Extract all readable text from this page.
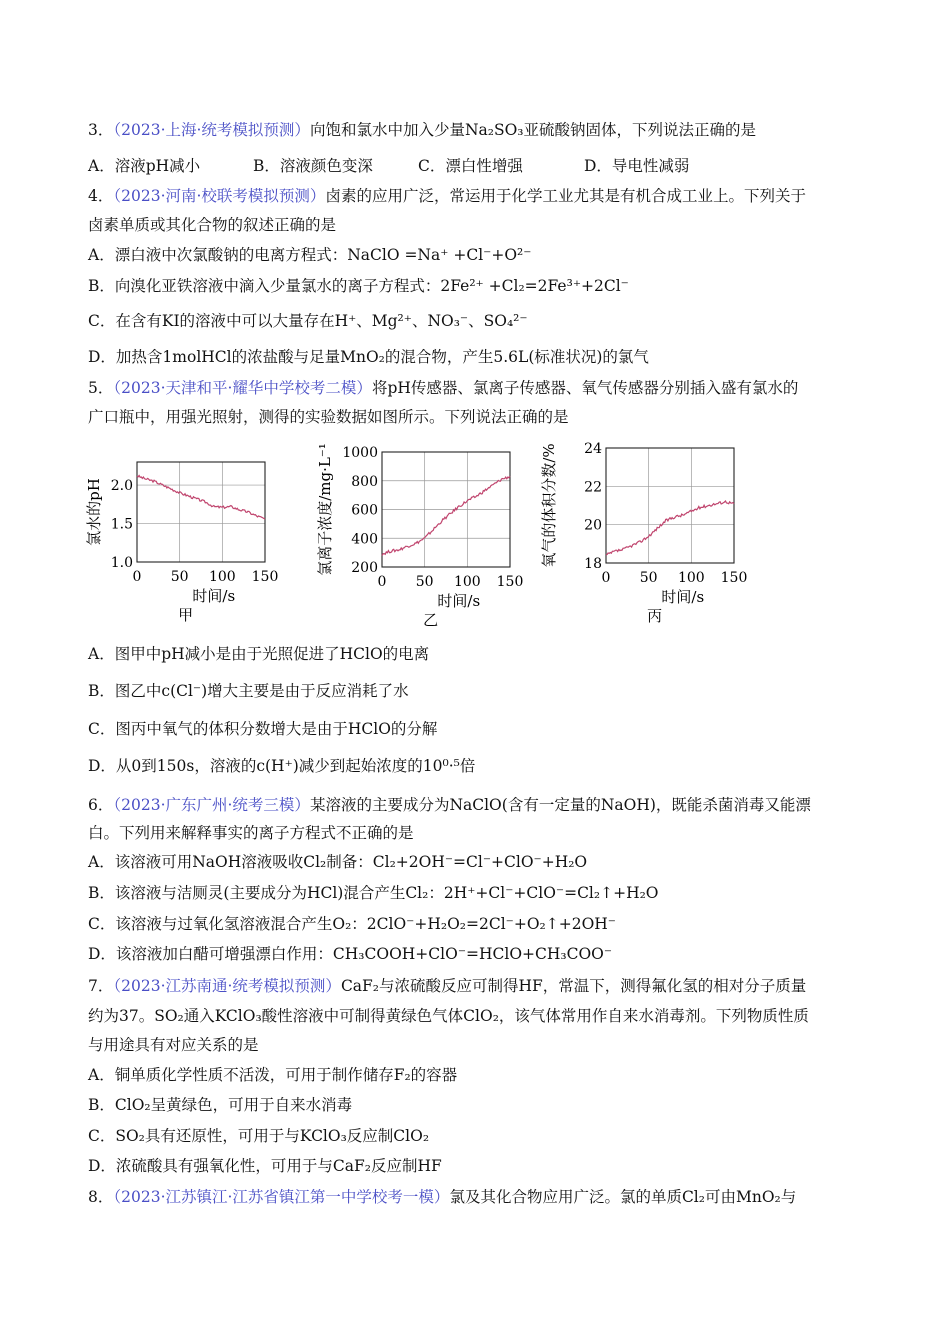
3．（2023·上海·统考模拟预测）向饱和氯水中加入少量Na₂SO₃亚硫酸钠固体，下列说法正确的是
A．溶液pH减小	B．溶液颜色变深	C．漂白性增强	D．导电性减弱
4．（2023·河南·校联考模拟预测）卤素的应用广泛，常运用于化学工业尤其是有机合成工业上。下列关于
卤素单质或其化合物的叙述正确的是
A．漂白液中次氯酸钠的电离方程式：NaClO =Na⁺ +Cl⁻+O²⁻
B．向溴化亚铁溶液中滴入少量氯水的离子方程式：2Fe²⁺ +Cl₂=2Fe³⁺+2Cl⁻
C．在含有KI的溶液中可以大量存在H⁺、Mg²⁺、NO₃⁻、SO₄²⁻
D．加热含1molHCl的浓盐酸与足量MnO₂的混合物，产生5.6L(标准状况)的氯气
5．（2023·天津和平·耀华中学校考二模）将pH传感器、氯离子传感器、氧气传感器分别插入盛有氯水的
广口瓶中，用强光照射，测得的实验数据如图所示。下列说法正确的是
0 50 100 150
1.0
1.5
2.0
时间/s
甲
氯水的pH
0 50 100 150
200
400
600
800
1000
时间/s
乙
氯离子浓度/mg·L⁻¹
0 50 100 150
18
20
22
24
时间/s
丙
氧气的体积分数/%
A．图甲中pH减小是由于光照促进了HClO的电离
B．图乙中c(Cl⁻)增大主要是由于反应消耗了水
C．图丙中氧气的体积分数增大是由于HClO的分解
D．从0到150s，溶液的c(H⁺)减少到起始浓度的10⁰·⁵倍
6．（2023·广东广州·统考三模）某溶液的主要成分为NaClO(含有一定量的NaOH)，既能杀菌消毒又能漂
白。下列用来解释事实的离子方程式不正确的是
A．该溶液可用NaOH溶液吸收Cl₂制备：Cl₂+2OH⁻=Cl⁻+ClO⁻+H₂O
B．该溶液与洁厕灵(主要成分为HCl)混合产生Cl₂：2H⁺+Cl⁻+ClO⁻=Cl₂↑+H₂O
C．该溶液与过氧化氢溶液混合产生O₂：2ClO⁻+H₂O₂=2Cl⁻+O₂↑+2OH⁻
D．该溶液加白醋可增强漂白作用：CH₃COOH+ClO⁻=HClO+CH₃COO⁻
7．（2023·江苏南通·统考模拟预测）CaF₂与浓硫酸反应可制得HF，常温下，测得氟化氢的相对分子质量
约为37。SO₂通入KClO₃酸性溶液中可制得黄绿色气体ClO₂，该气体常用作自来水消毒剂。下列物质性质
与用途具有对应关系的是
A．铜单质化学性质不活泼，可用于制作储存F₂的容器
B．ClO₂呈黄绿色，可用于自来水消毒
C．SO₂具有还原性，可用于与KClO₃反应制ClO₂
D．浓硫酸具有强氧化性，可用于与CaF₂反应制HF
8．（2023·江苏镇江·江苏省镇江第一中学校考一模）氯及其化合物应用广泛。氯的单质Cl₂可由MnO₂与
